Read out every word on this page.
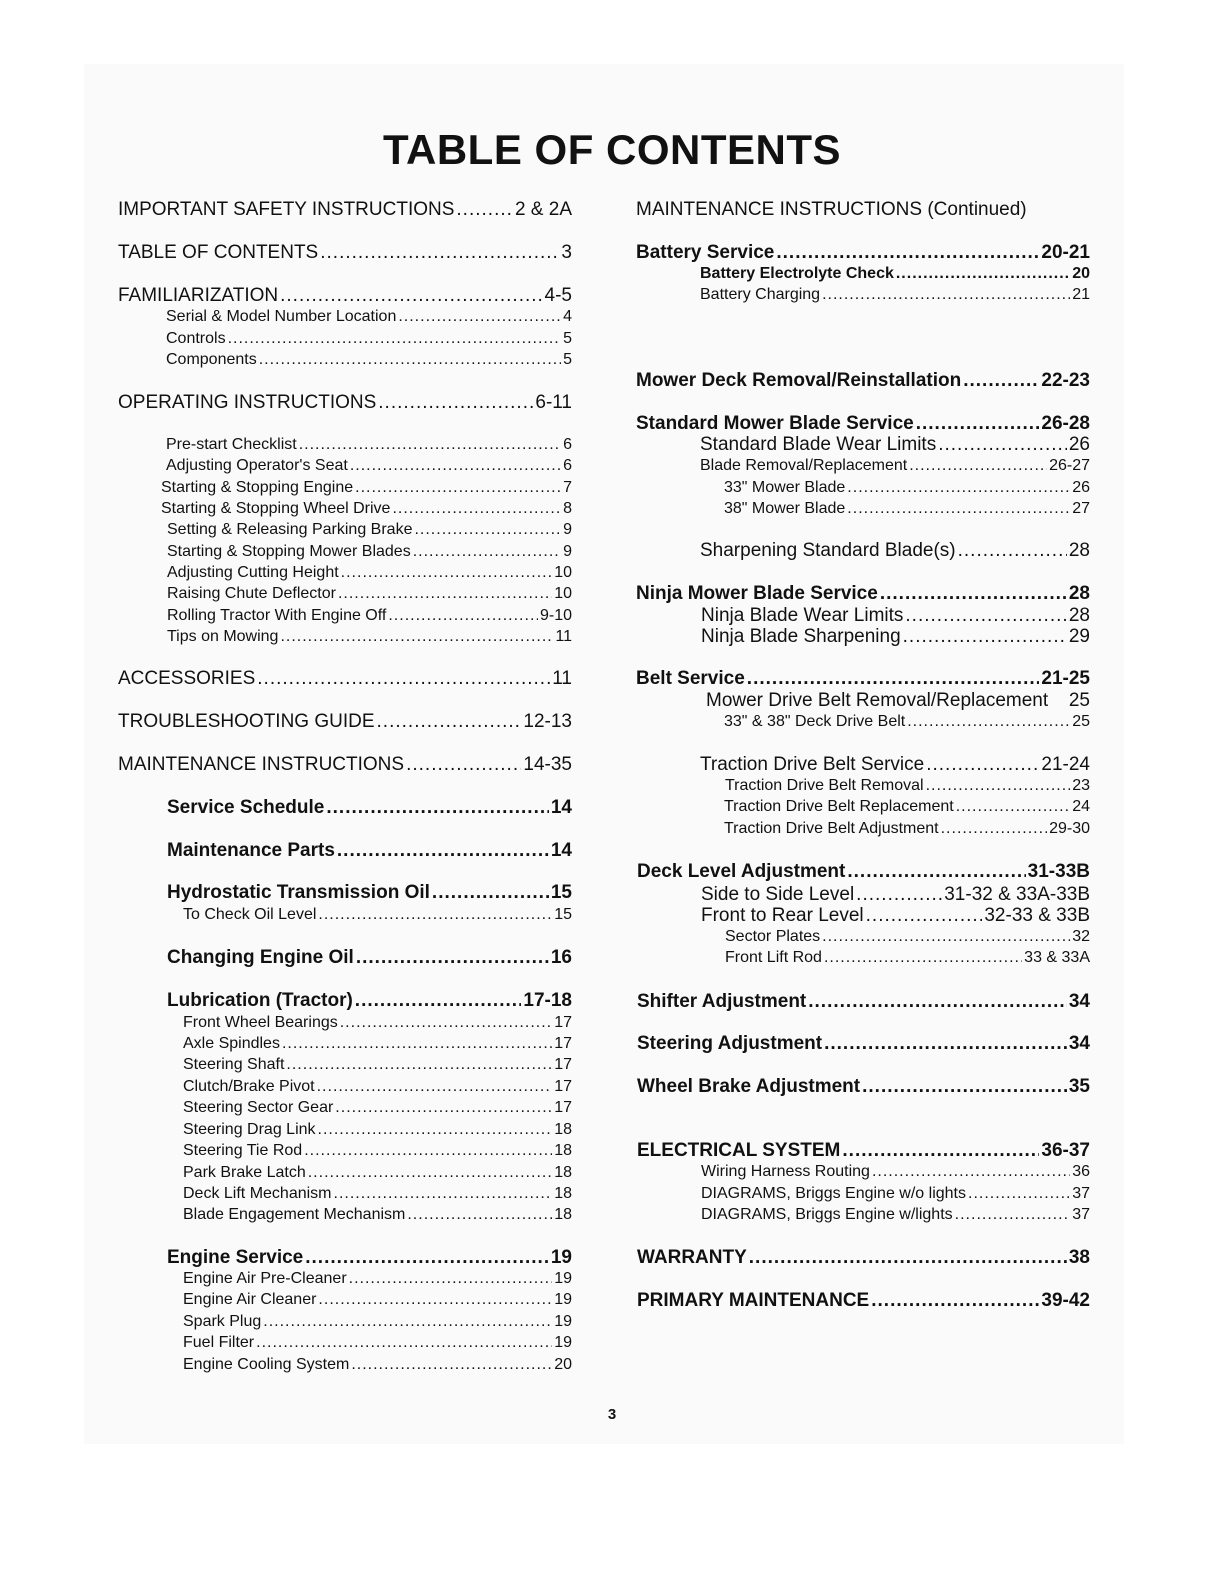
TABLE OF CONTENTS
IMPORTANT SAFETY INSTRUCTIONS .....	2 & 2A
TABLE OF CONTENTS .....	3
FAMILIARIZATION .....	4-5
Serial & Model Number Location .....	4
Controls .....	5
Components .....	5
OPERATING INSTRUCTIONS .....	6-11
Pre-start Checklist .....	6
Adjusting Operator's Seat .....	6
Starting & Stopping Engine .....	7
Starting & Stopping Wheel Drive .....	8
Setting & Releasing Parking Brake .....	9
Starting & Stopping Mower Blades .....	9
Adjusting Cutting Height .....	10
Raising Chute Deflector .....	10
Rolling Tractor With Engine Off .....	9-10
Tips on Mowing .....	11
ACCESSORIES .....	11
TROUBLESHOOTING GUIDE .....	12-13
MAINTENANCE INSTRUCTIONS .....	14-35
Service Schedule .....	14
Maintenance Parts .....	14
Hydrostatic Transmission Oil .....	15
To Check Oil Level .....	15
Changing Engine Oil .....	16
Lubrication (Tractor) .....	17-18
Front Wheel Bearings .....	17
Axle Spindles .....	17
Steering Shaft .....	17
Clutch/Brake Pivot .....	17
Steering Sector Gear .....	17
Steering Drag Link .....	18
Steering Tie Rod .....	18
Park Brake Latch .....	18
Deck Lift Mechanism .....	18
Blade Engagement Mechanism .....	18
Engine Service .....	19
Engine Air Pre-Cleaner .....	19
Engine Air Cleaner .....	19
Spark Plug .....	19
Fuel Filter .....	19
Engine Cooling System .....	20
Battery Service .....	20-21
Battery Electrolyte Check .....	20
Battery Charging .....	21
Mower Deck Removal/Reinstallation .....	22-23
Standard Mower Blade Service .....	26-28
Standard Blade Wear Limits .....	26
Blade Removal/Replacement .....	26-27
33" Mower Blade .....	26
38" Mower Blade .....	27
Sharpening Standard Blade(s) .....	28
Ninja Mower Blade Service .....	28
Ninja Blade Wear Limits .....	28
Ninja Blade Sharpening .....	29
Belt Service .....	21-25
Mower Drive Belt Removal/Replacement 25
33" & 38" Deck Drive Belt .....	25
Traction Drive Belt Service .....	21-24
Traction Drive Belt Removal .....	23
Traction Drive Belt Replacement .....	24
Traction Drive Belt Adjustment .....	29-30
Deck Level Adjustment .....	31-33B
Side to Side Level .....	31-32 & 33A-33B
Front to Rear Level .....	32-33 & 33B
Sector Plates .....	32
Front Lift Rod .....	33 & 33A
Shifter Adjustment .....	34
Steering Adjustment .....	34
Wheel Brake Adjustment .....	35
ELECTRICAL SYSTEM .....	36-37
Wiring Harness Routing .....	36
DIAGRAMS, Briggs Engine w/o lights .....	37
DIAGRAMS, Briggs Engine w/lights .....	37
WARRANTY .....	38
PRIMARY MAINTENANCE .....	39-42
MAINTENANCE INSTRUCTIONS (Continued)
3
